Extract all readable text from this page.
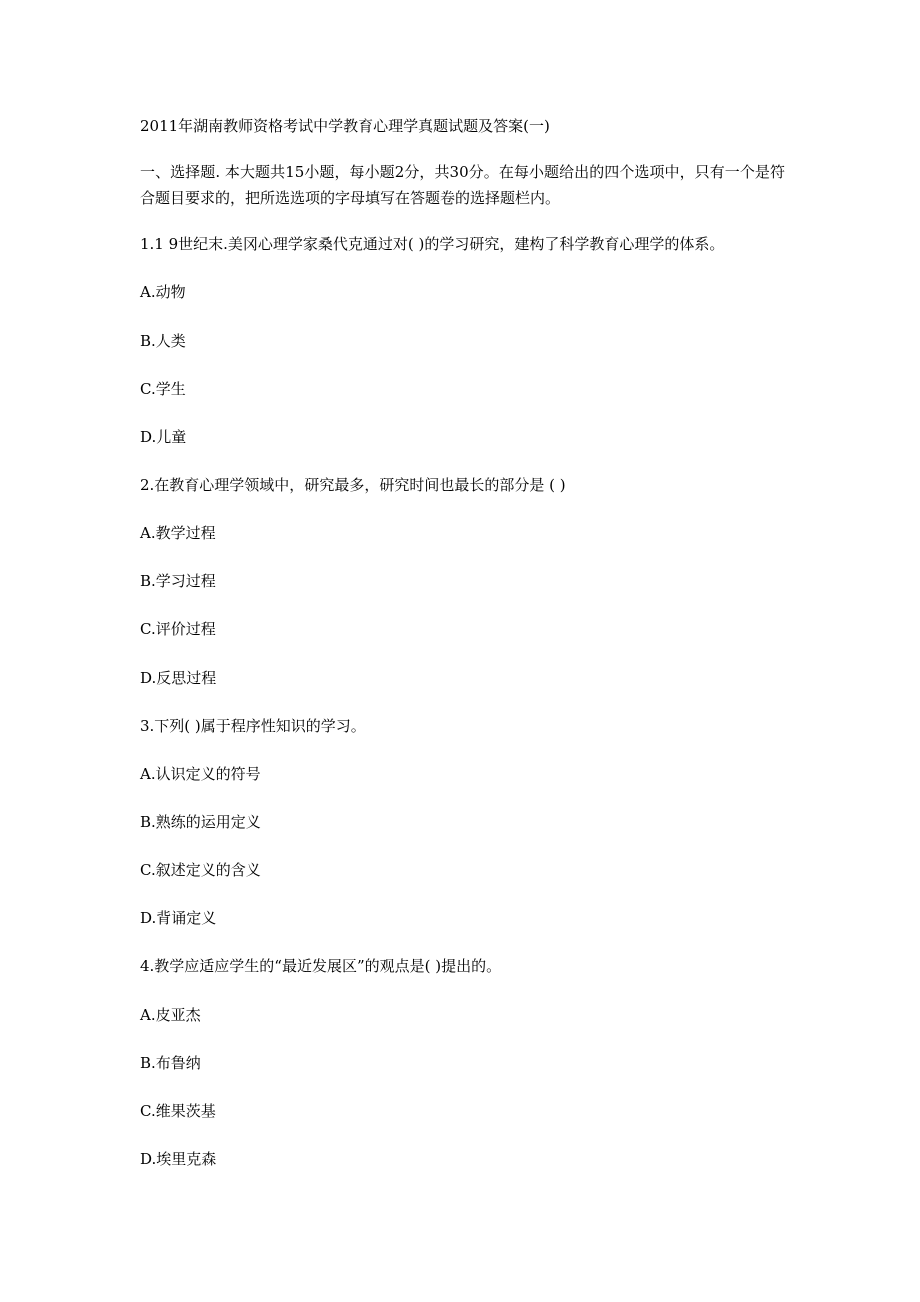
2011年湖南教师资格考试中学教育心理学真题试题及答案(一)
一、选择题. 本大题共15小题，每小题2分，共30分。在每小题给出的四个选项中，只有一个是符合题目要求的，把所选选项的字母填写在答题卷的选择题栏内。
1.1 9世纪末.美冈心理学家桑代克通过对( )的学习研究，建构了科学教育心理学的体系。
A.动物
B.人类
C.学生
D.儿童
2.在教育心理学领域中，研究最多，研究时间也最长的部分是 ( )
A.教学过程
B.学习过程
C.评价过程
D.反思过程
3.下列( )属于程序性知识的学习。
A.认识定义的符号
B.熟练的运用定义
C.叙述定义的含义
D.背诵定义
4.教学应适应学生的“最近发展区”的观点是( )提出的。
A.皮亚杰
B.布鲁纳
C.维果茨基
D.埃里克森
